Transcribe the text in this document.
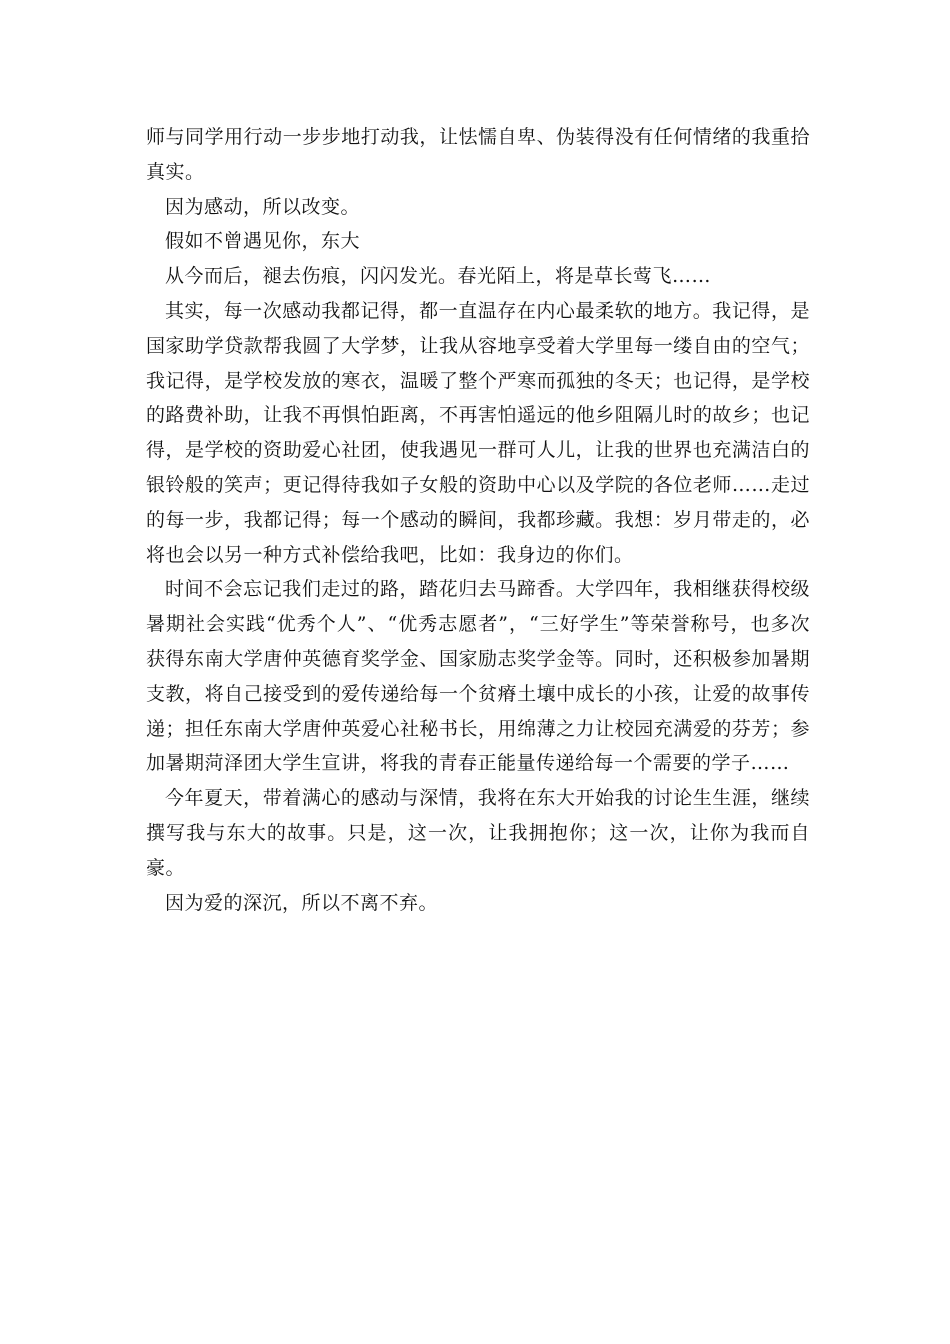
师与同学用行动一步步地打动我，让怯懦自卑、伪装得没有任何情绪的我重拾真实。

因为感动，所以改变。

假如不曾遇见你，东大

从今而后，褪去伤痕，闪闪发光。春光陌上，将是草长莺飞……

其实，每一次感动我都记得，都一直温存在内心最柔软的地方。我记得，是国家助学贷款帮我圆了大学梦，让我从容地享受着大学里每一缕自由的空气；我记得，是学校发放的寒衣，温暖了整个严寒而孤独的冬天；也记得，是学校的路费补助，让我不再惧怕距离，不再害怕遥远的他乡阻隔儿时的故乡；也记得，是学校的资助爱心社团，使我遇见一群可人儿，让我的世界也充满洁白的银铃般的笑声；更记得待我如子女般的资助中心以及学院的各位老师……走过的每一步，我都记得；每一个感动的瞬间，我都珍藏。我想：岁月带走的，必将也会以另一种方式补偿给我吧，比如：我身边的你们。

时间不会忘记我们走过的路，踏花归去马蹄香。大学四年，我相继获得校级暑期社会实践“优秀个人”、“优秀志愿者”，“三好学生”等荣誉称号，也多次获得东南大学唐仲英德育奖学金、国家励志奖学金等。同时，还积极参加暑期支教，将自己接受到的爱传递给每一个贫瘠土壤中成长的小孩，让爱的故事传递；担任东南大学唐仲英爱心社秘书长，用绵薄之力让校园充满爱的芬芳；参加暑期菏泽团大学生宣讲，将我的青春正能量传递给每一个需要的学子……

今年夏天，带着满心的感动与深情，我将在东大开始我的讨论生生涯，继续撰写我与东大的故事。只是，这一次，让我拥抱你；这一次，让你为我而自豪。

因为爱的深沉，所以不离不弃。
